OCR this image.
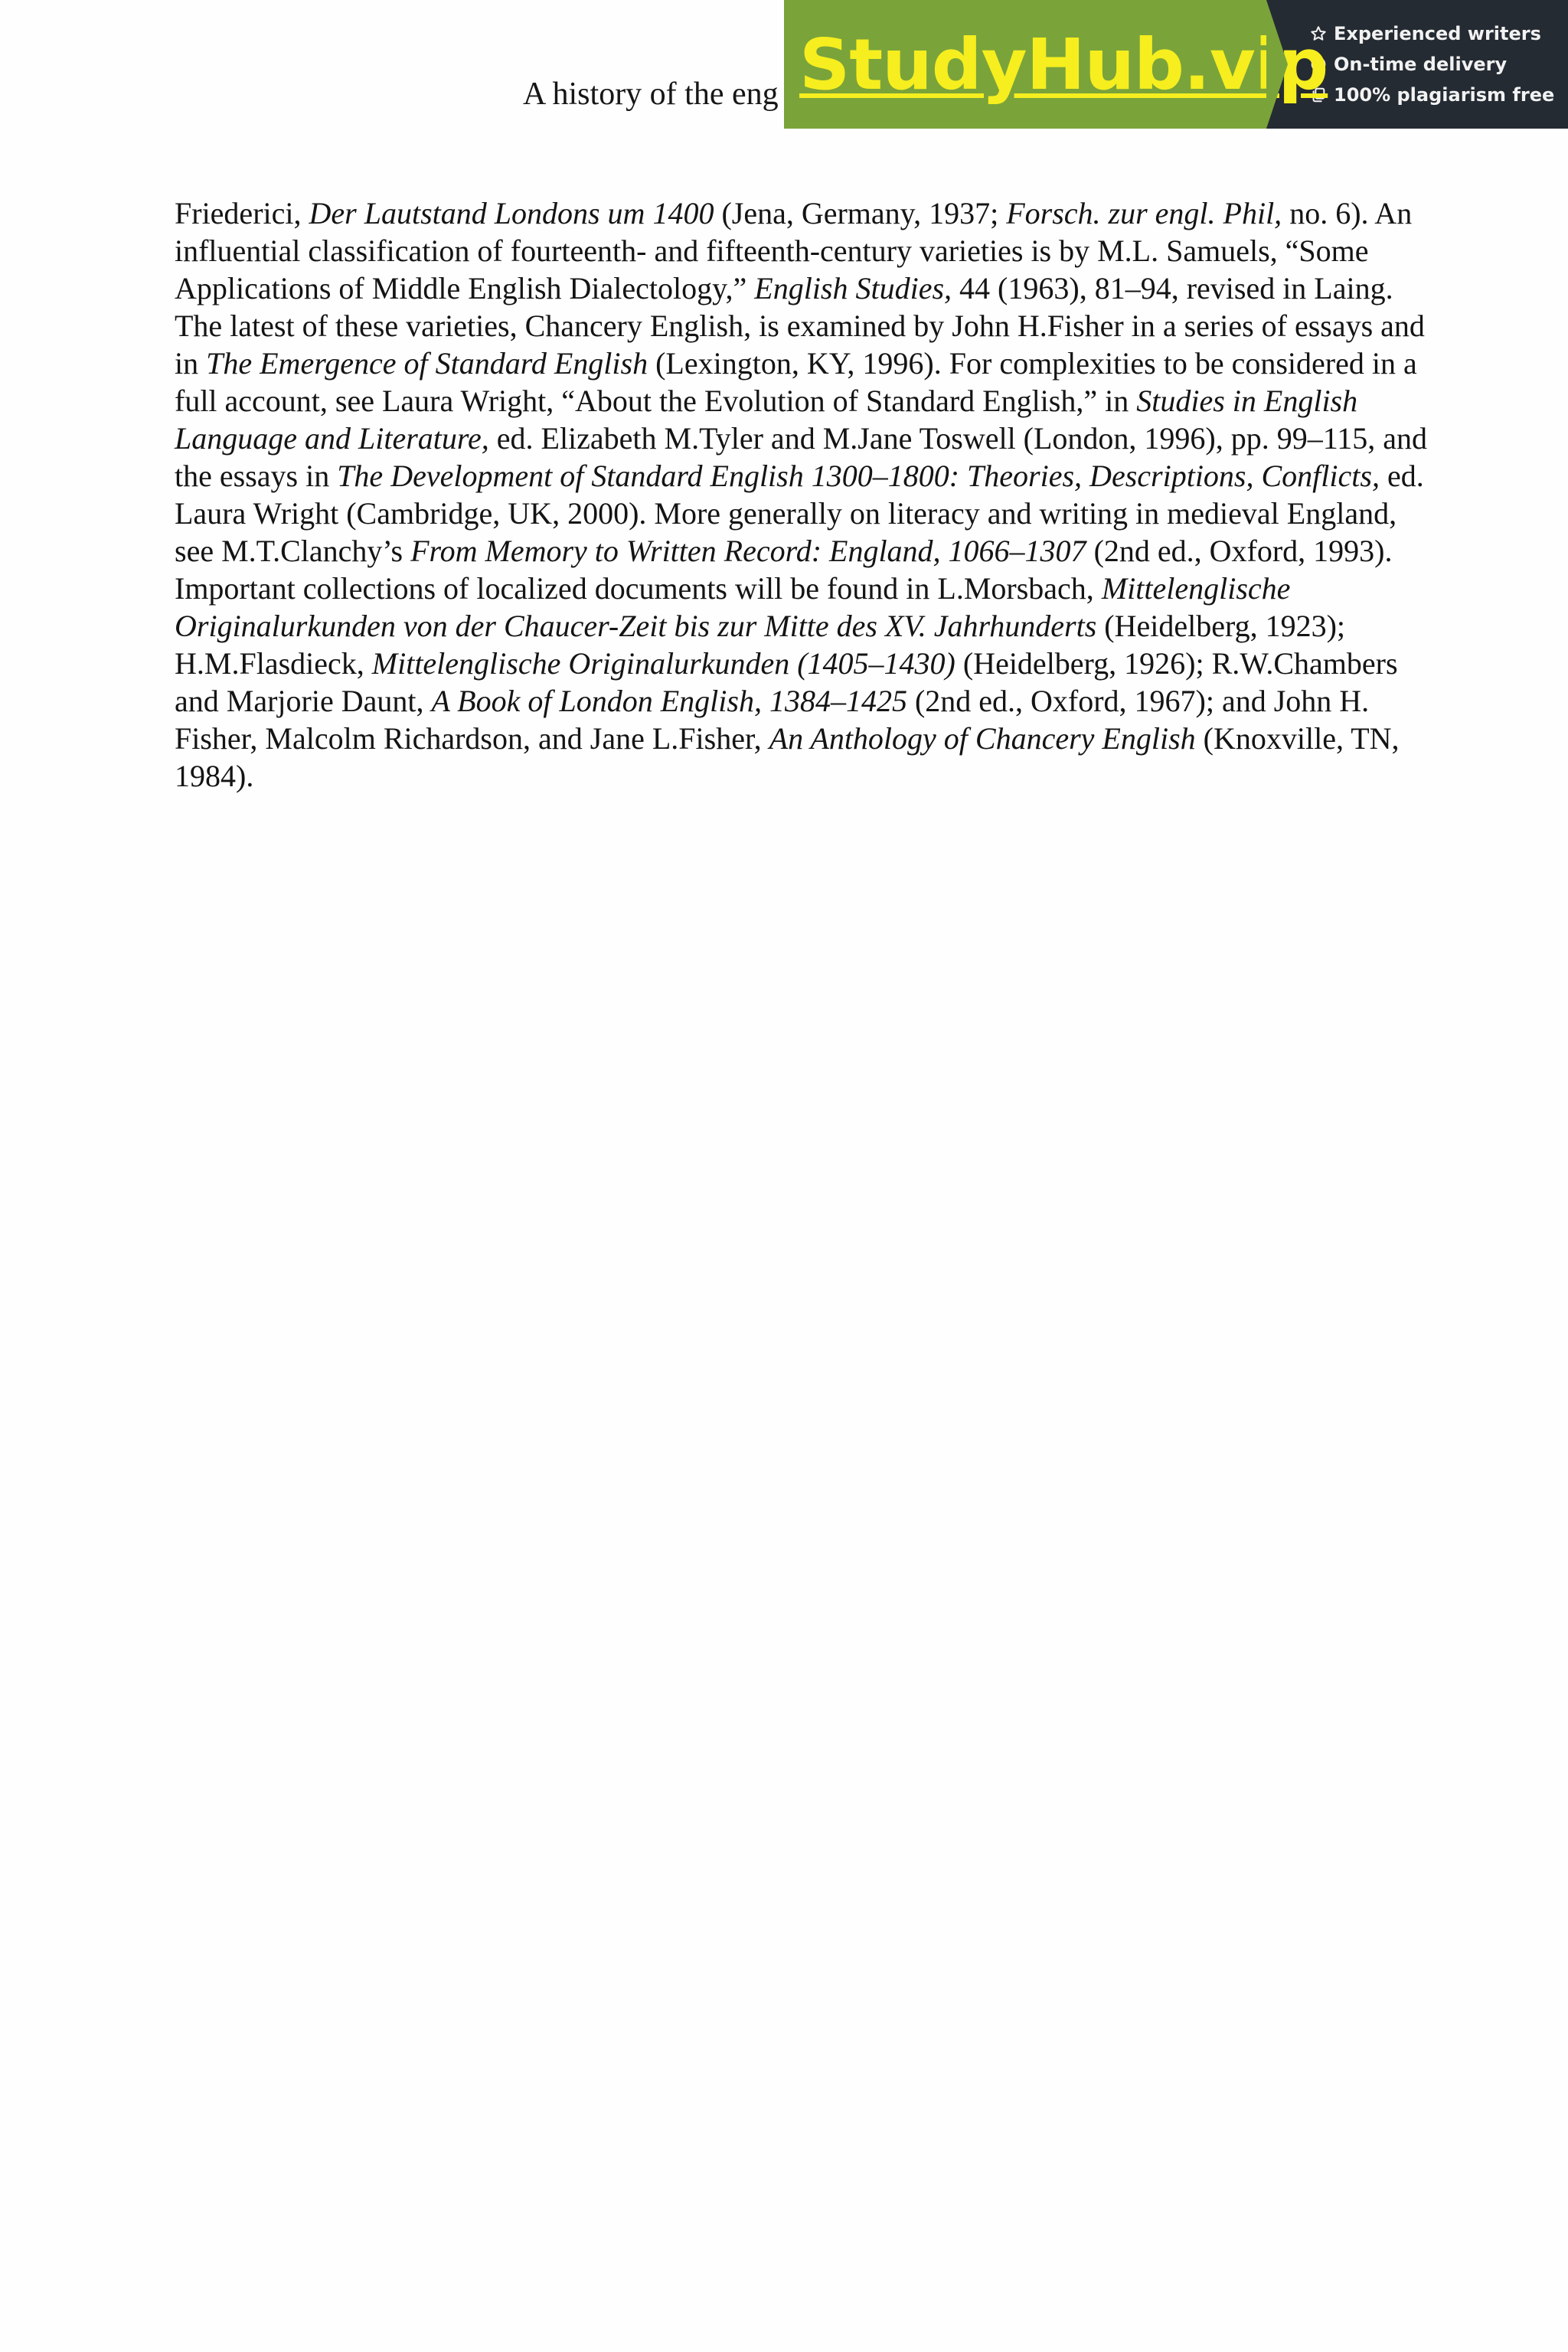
A history of the eng StudyHub.vip Experienced writers
On-time delivery
100% plagiarism free

Friederici, Der Lautstand Londons um 1400 (Jena, Germany, 1937; Forsch. zur engl. Phil, no. 6). An influential classification of fourteenth- and fifteenth-century varieties is by M.L. Samuels, “Some Applications of Middle English Dialectology,” English Studies, 44 (1963), 81–94, revised in Laing. The latest of these varieties, Chancery English, is examined by John H.Fisher in a series of essays and in The Emergence of Standard English (Lexington, KY, 1996). For complexities to be considered in a full account, see Laura Wright, “About the Evolution of Standard English,” in Studies in English Language and Literature, ed. Elizabeth M.Tyler and M.Jane Toswell (London, 1996), pp. 99–115, and the essays in The Development of Standard English 1300–1800: Theories, Descriptions, Conflicts, ed. Laura Wright (Cambridge, UK, 2000). More generally on literacy and writing in medieval England, see M.T.Clanchy’s From Memory to Written Record: England, 1066–1307 (2nd ed., Oxford, 1993). Important collections of localized documents will be found in L.Morsbach, Mittelenglische Originalurkunden von der Chaucer-Zeit bis zur Mitte des XV. Jahrhunderts (Heidelberg, 1923); H.M.Flasdieck, Mittelenglische Originalurkunden (1405–1430) (Heidelberg, 1926); R.W.Chambers and Marjorie Daunt, A Book of London English, 1384–1425 (2nd ed., Oxford, 1967); and John H. Fisher, Malcolm Richardson, and Jane L.Fisher, An Anthology of Chancery English (Knoxville, TN, 1984).
